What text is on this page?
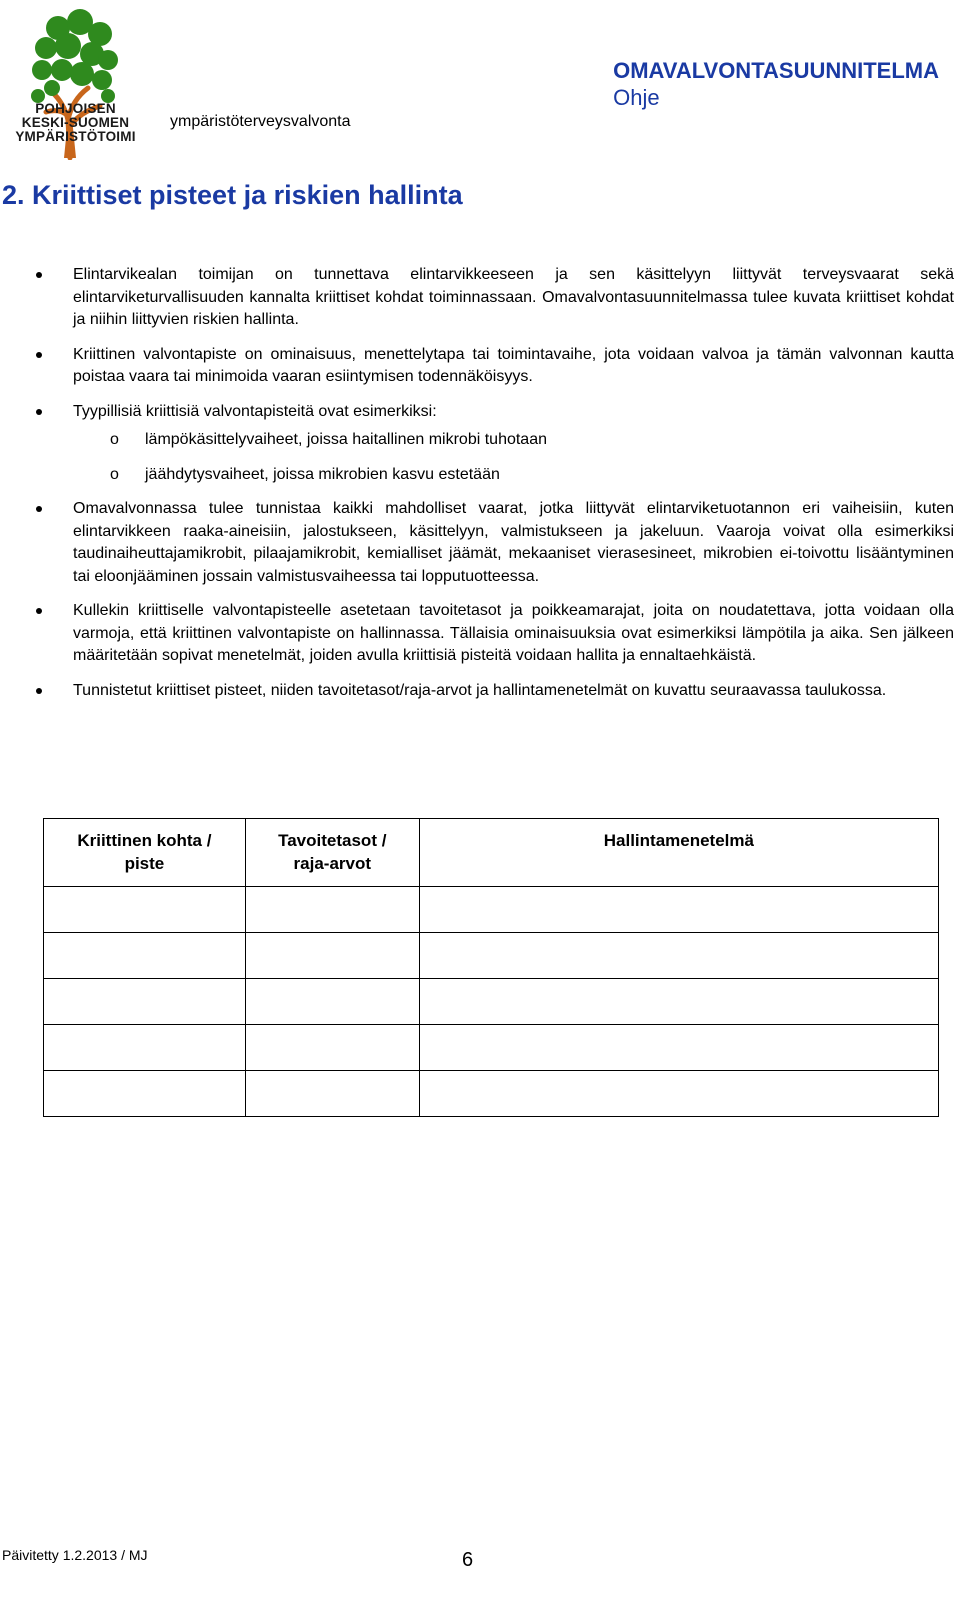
POHJOISEN
KESKI-SUOMEN
YMPÄRISTÖTOIMI
ympäristöterveysvalvonta
OMAVALVONTASUUNNITELMA
Ohje
2. Kriittiset pisteet ja riskien hallinta
Elintarvikealan toimijan on tunnettava elintarvikkeeseen ja sen käsittelyyn liittyvät terveysvaarat sekä elintarviketurvallisuuden kannalta kriittiset kohdat toiminnassaan. Omavalvontasuunnitelmassa tulee kuvata kriittiset kohdat ja niihin liittyvien riskien hallinta.
Kriittinen valvontapiste on ominaisuus, menettelytapa tai toimintavaihe, jota voidaan valvoa ja tämän valvonnan kautta poistaa vaara tai minimoida vaaran esiintymisen todennäköisyys.
Tyypillisiä kriittisiä valvontapisteitä ovat esimerkiksi:
o lämpökäsittelyvaiheet, joissa haitallinen mikrobi tuhotaan
o jäähdytysvaiheet, joissa mikrobien kasvu estetään
Omavalvonnassa tulee tunnistaa kaikki mahdolliset vaarat, jotka liittyvät elintarviketuotannon eri vaiheisiin, kuten elintarvikkeen raaka-aineisiin, jalostukseen, käsittelyyn, valmistukseen ja jakeluun. Vaaroja voivat olla esimerkiksi taudinaiheuttajamikrobit, pilaajamikrobit, kemialliset jäämät, mekaaniset vierasesineet, mikrobien ei-toivottu lisääntyminen tai eloonjääminen jossain valmistusvaiheessa tai lopputuotteessa.
Kullekin kriittiselle valvontapisteelle asetetaan tavoitetasot ja poikkeamarajat, joita on noudatettava, jotta voidaan olla varmoja, että kriittinen valvontapiste on hallinnassa. Tällaisia ominaisuuksia ovat esimerkiksi lämpötila ja aika. Sen jälkeen määritetään sopivat menetelmät, joiden avulla kriittisiä pisteitä voidaan hallita ja ennaltaehkäistä.
Tunnistetut kriittiset pisteet, niiden tavoitetasot/raja-arvot ja hallintamenetelmät on kuvattu seuraavassa taulukossa.
Kriittinen kohta / piste	Tavoitetasot / raja-arvot	Hallintamenetelmä

Päivitetty 1.2.2013 / MJ	6
